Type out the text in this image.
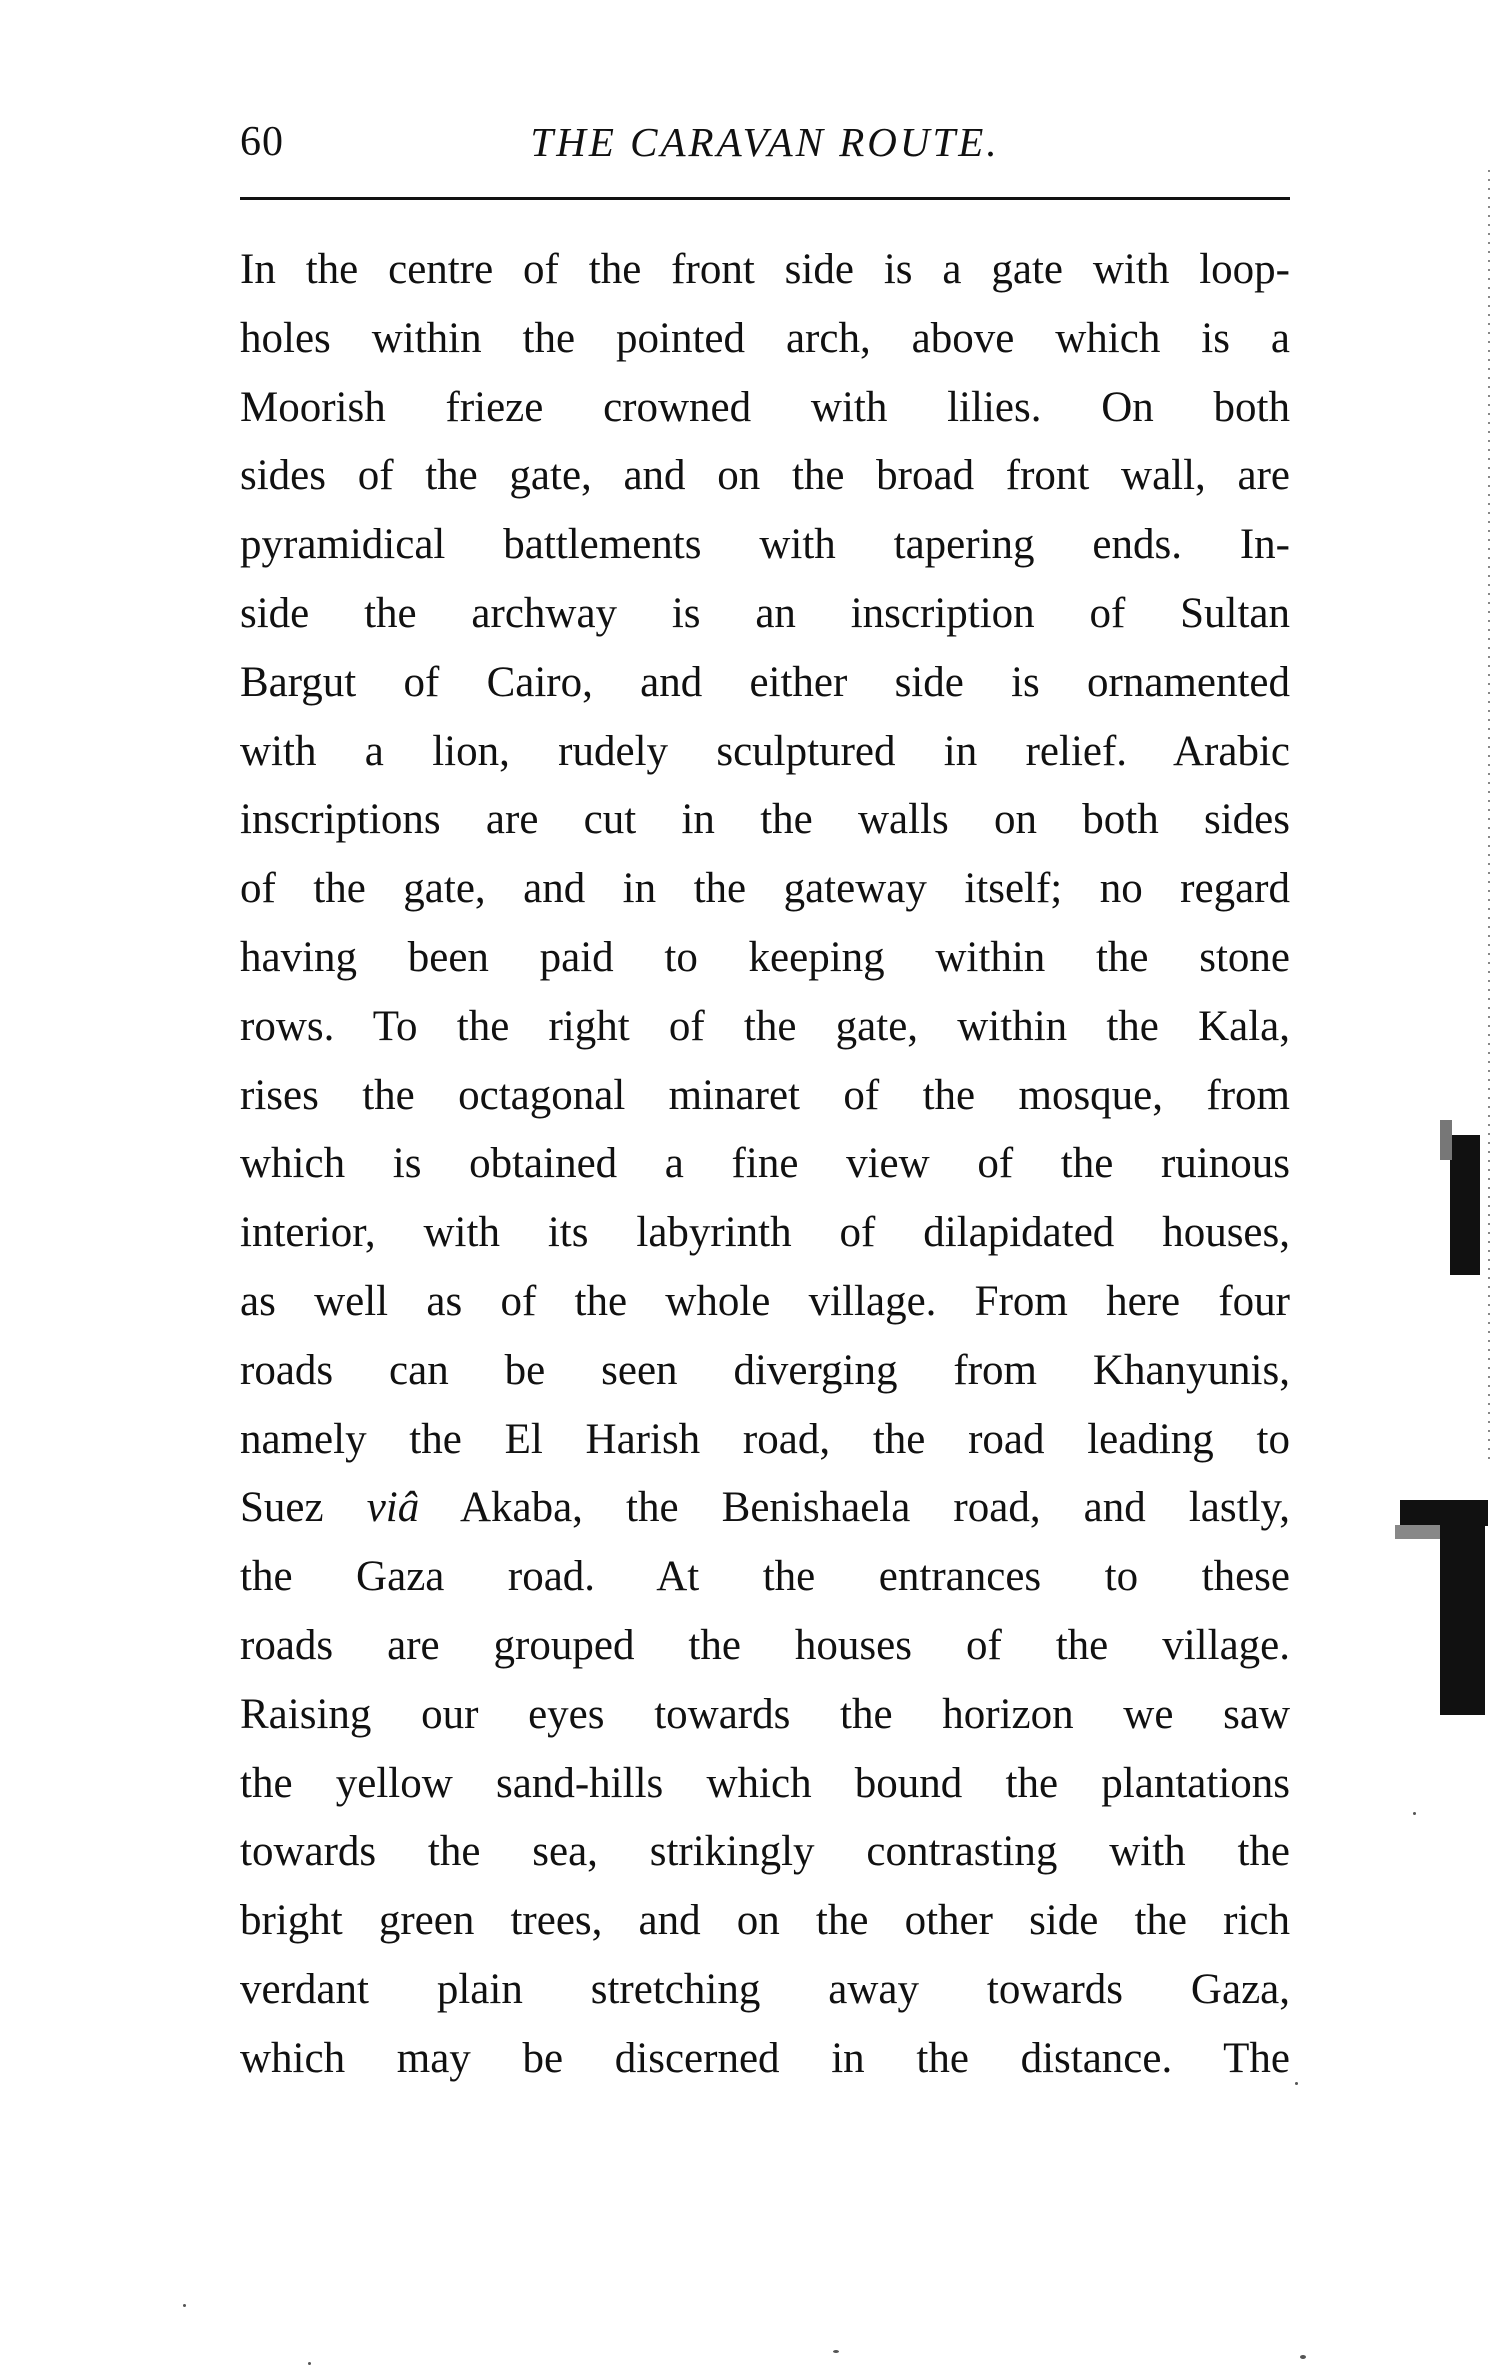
60	THE CARAVAN ROUTE.
In the centre of the front side is a gate with loop-
holes within the pointed arch, above which is a
Moorish frieze crowned with lilies. On both
sides of the gate, and on the broad front wall, are
pyramidical battlements with tapering ends. In-
side the archway is an inscription of Sultan
Bargut of Cairo, and either side is ornamented
with a lion, rudely sculptured in relief. Arabic
inscriptions are cut in the walls on both sides
of the gate, and in the gateway itself; no regard
having been paid to keeping within the stone
rows. To the right of the gate, within the Kala,
rises the octagonal minaret of the mosque, from
which is obtained a fine view of the ruinous
interior, with its labyrinth of dilapidated houses,
as well as of the whole village. From here four
roads can be seen diverging from Khanyunis,
namely the El Harish road, the road leading to
Suez viâ Akaba, the Benishaela road, and lastly,
the Gaza road. At the entrances to these
roads are grouped the houses of the village.
Raising our eyes towards the horizon we saw
the yellow sand-hills which bound the plantations
towards the sea, strikingly contrasting with the
bright green trees, and on the other side the rich
verdant plain stretching away towards Gaza,
which may be discerned in the distance. The
